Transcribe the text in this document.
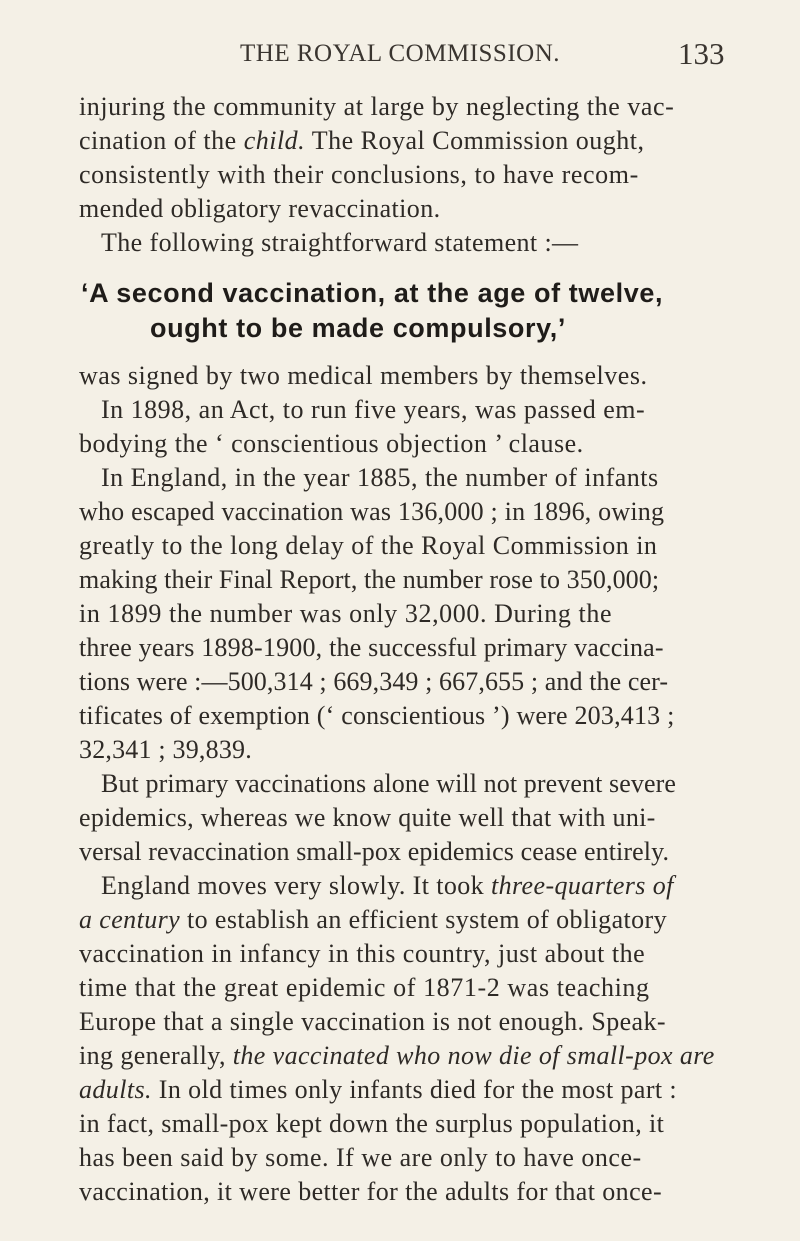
THE ROYAL COMMISSION.	133
injuring the community at large by neglecting the vac-
cination of the child. The Royal Commission ought,
consistently with their conclusions, to have recom-
mended obligatory revaccination.
The following straightforward statement :—
‘A second vaccination, at the age of twelve,
ought to be made compulsory,’
was signed by two medical members by themselves.
In 1898, an Act, to run five years, was passed em-
bodying the ‘ conscientious objection ’ clause.
In England, in the year 1885, the number of infants
who escaped vaccination was 136,000 ; in 1896, owing
greatly to the long delay of the Royal Commission in
making their Final Report, the number rose to 350,000;
in 1899 the number was only 32,000. During the
three years 1898-1900, the successful primary vaccina-
tions were :—500,314 ; 669,349 ; 667,655 ; and the cer-
tificates of exemption (‘ conscientious ’) were 203,413 ;
32,341 ; 39,839.
But primary vaccinations alone will not prevent severe
epidemics, whereas we know quite well that with uni-
versal revaccination small-pox epidemics cease entirely.
England moves very slowly. It took three-quarters of
a century to establish an efficient system of obligatory
vaccination in infancy in this country, just about the
time that the great epidemic of 1871-2 was teaching
Europe that a single vaccination is not enough. Speak-
ing generally, the vaccinated who now die of small-pox are
adults. In old times only infants died for the most part :
in fact, small-pox kept down the surplus population, it
has been said by some. If we are only to have once-
vaccination, it were better for the adults for that once-
